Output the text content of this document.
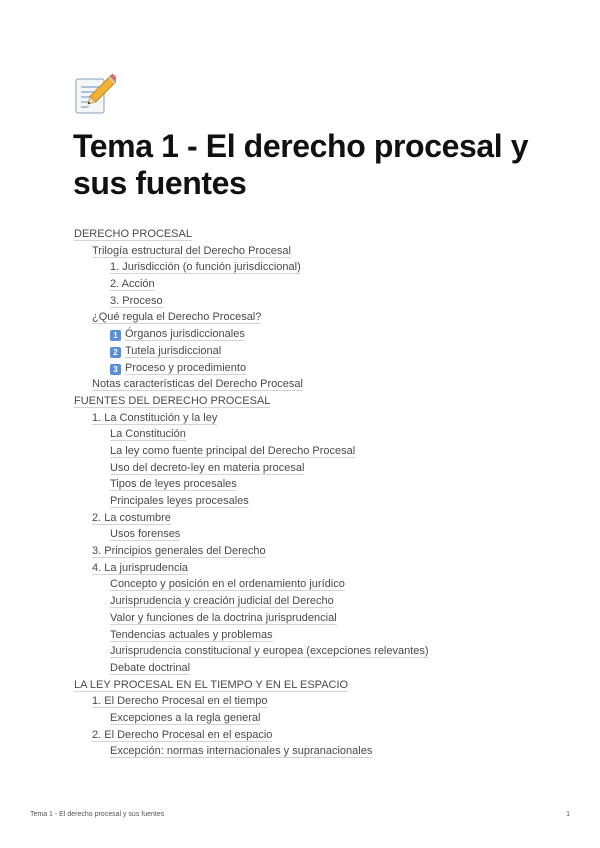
Tema 1 - El derecho procesal y sus fuentes
DERECHO PROCESAL
Trilogía estructural del Derecho Procesal
1. Jurisdicción (o función jurisdiccional)
2. Acción
3. Proceso
¿Qué regula el Derecho Procesal?
1 Órganos jurisdiccionales
2 Tutela jurisdiccional
3 Proceso y procedimiento
Notas características del Derecho Procesal
FUENTES DEL DERECHO PROCESAL
1. La Constitución y la ley
La Constitución
La ley como fuente principal del Derecho Procesal
Uso del decreto-ley en materia procesal
Tipos de leyes procesales
Principales leyes procesales
2. La costumbre
Usos forenses
3. Principios generales del Derecho
4. La jurisprudencia
Concepto y posición en el ordenamiento jurídico
Jurisprudencia y creación judicial del Derecho
Valor y funciones de la doctrina jurisprudencial
Tendencias actuales y problemas
Jurisprudencia constitucional y europea (excepciones relevantes)
Debate doctrinal
LA LEY PROCESAL EN EL TIEMPO Y EN EL ESPACIO
1. El Derecho Procesal en el tiempo
Excepciones a la regla general
2. El Derecho Procesal en el espacio
Excepción: normas internacionales y supranacionales
Tema 1 - El derecho procesal y sus fuentes	1
